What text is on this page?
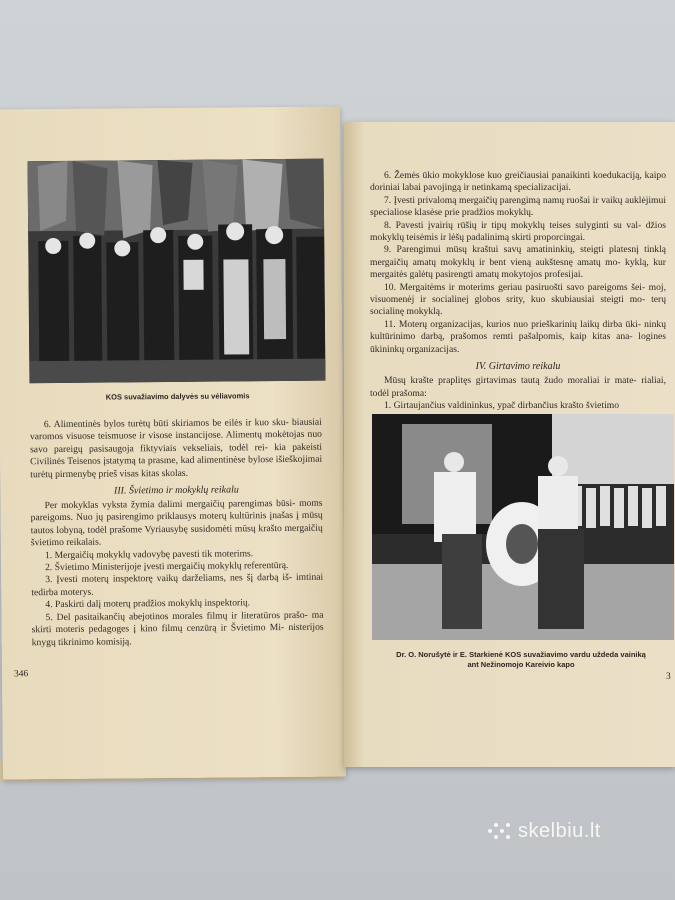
KOS suvažiavimo dalyvės su vėliavomis

6. Alimentinės bylos turėtų būti skiriamos be eilės ir kuo sku- biausiai varomos visuose teismuose ir visose instancijose. Alimentų mokėtojas nuo savo pareigų pasisaugoja fiktyviais vekseliais, todėl rei- kia pakeisti Civilinės Teisenos įstatymą ta prasme, kad alimentinėse bylose išieškojimai turėtų pirmenybę prieš visas kitas skolas.

III. Švietimo ir mokyklų reikalu

Per mokyklas vyksta žymia dalimi mergaičių parengimas būsi- moms pareigoms. Nuo jų pasirengimo priklausys moterų kultūrinis įnašas į mūsų tautos lobyną, todėl prašome Vyriausybę susidomėti mūsų krašto mergaičių švietimo reikalais.

1. Mergaičių mokyklų vadovybę pavesti tik moterims.

2. Švietimo Ministerijoje įvesti mergaičių mokyklų referentūrą.

3. Įvesti moterų inspektorę vaikų darželiams, nes šį darbą iš- imtinai tedirba moterys.

4. Paskirti dalį moterų pradžios mokyklų inspektorių.

5. Del pasitaikančių abejotinos morales filmų ir literatūros prašo- ma skirti moteris pedagoges į kino filmų cenzūrą ir Švietimo Mi- nisterijos knygų tikrinimo komisiją.

346

6. Žemės ūkio mokyklose kuo greičiausiai panaikinti koedukaciją, kaipo doriniai labai pavojingą ir netinkamą specializacijai.

7. Įvesti privalomą mergaičių parengimą namų ruošai ir vaikų auklėjimui specialiose klasėse prie pradžios mokyklų.

8. Pavesti įvairių rūšių ir tipų mokyklų teises sulyginti su val- džios mokyklų teisėmis ir lėšų padalinimą skirti proporcingai.

9. Parengimui mūsų kraštui savų amatininkių, steigti platesnį tinklą mergaičių amatų mokyklų ir bent vieną aukštesnę amatų mo- kyklą, kur mergaitės galėtų pasirengti amatų mokytojos profesijai.

10. Mergaitėms ir moterims geriau pasiruošti savo pareigoms šei- moj, visuomenėj ir socialinej globos srity, kuo skubiausiai steigti mo- terų socialinę mokyklą.

11. Moterų organizacijas, kurios nuo prieškarinių laikų dirba ūki- ninkų kultūrinimo darbą, prašomos remti pašalpomis, kaip kitas ana- logines ūkininkų organizacijas.

IV. Girtavimo reikalu

Mūsų krašte praplitęs girtavimas tautą žudo moraliai ir mate- rialiai, todėl prašoma:

1. Girtaujančius valdininkus, ypač dirbančius krašto švietimo

Dr. O. Norušytė ir E. Starkienė KOS suvažiavimo vardu uždeda vainiką
ant Nežinomojo Kareivio kapo
3
skelbiu.lt
